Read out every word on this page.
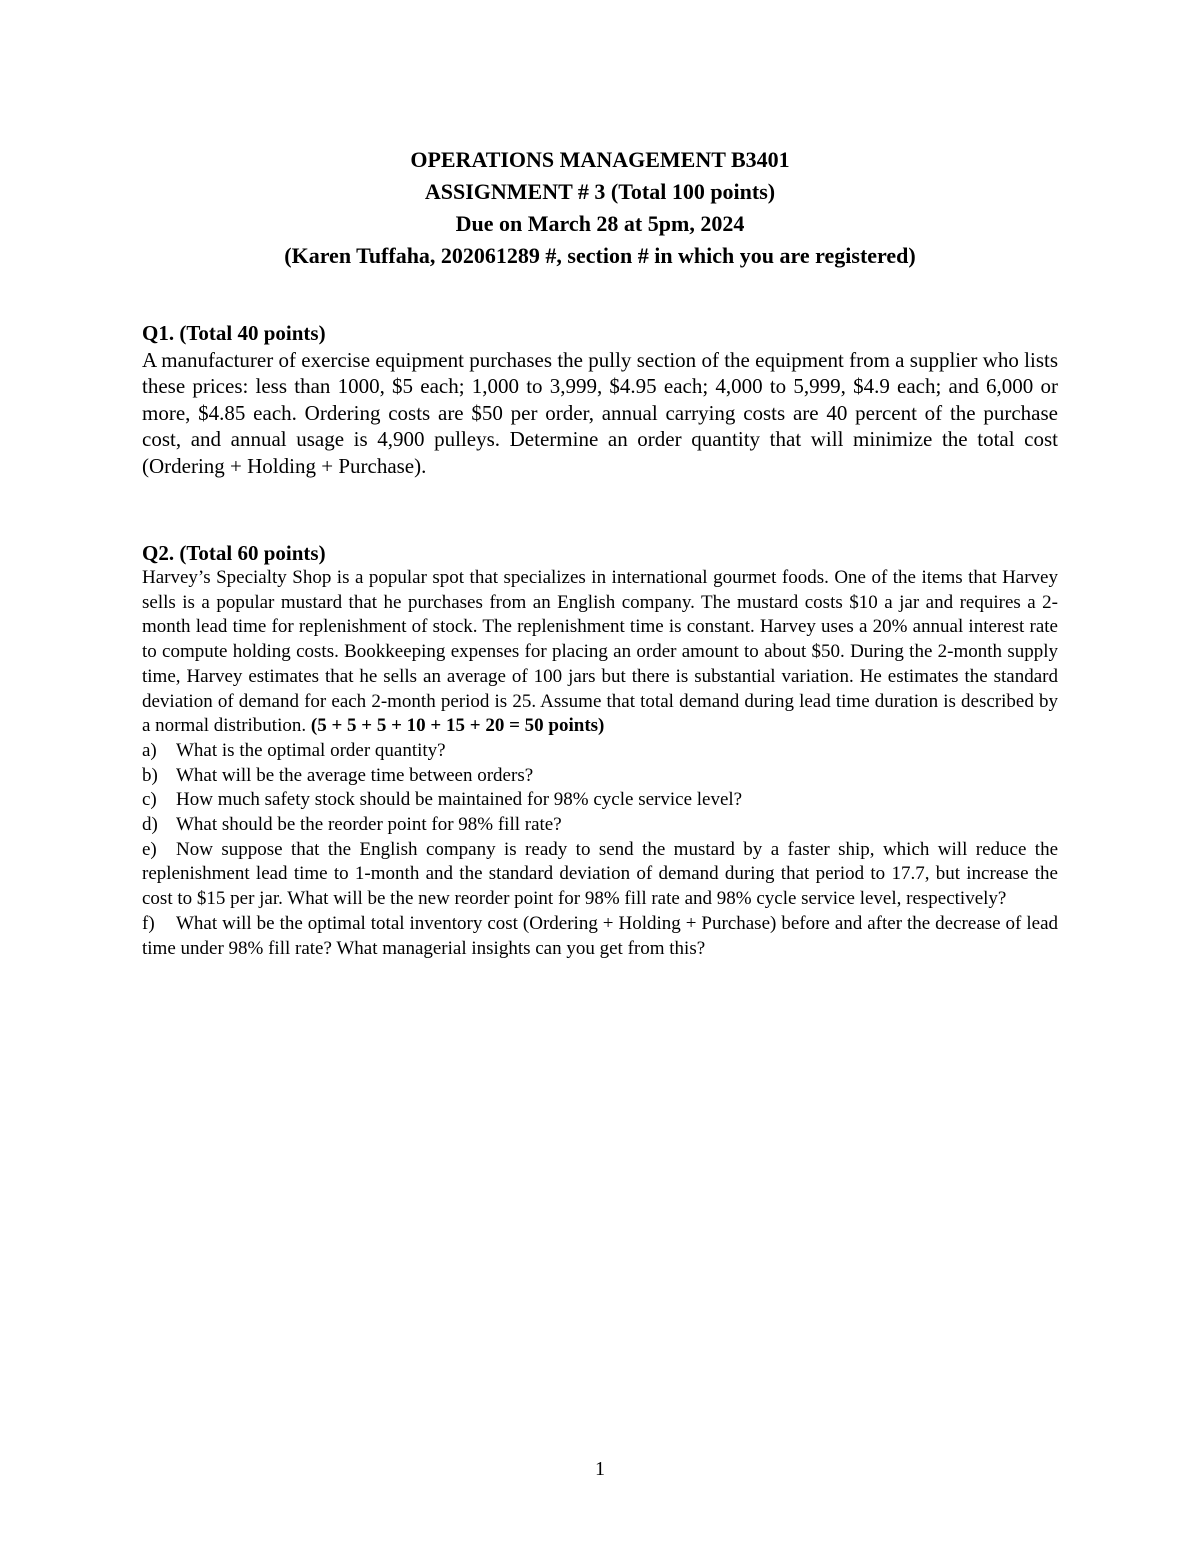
OPERATIONS MANAGEMENT B3401
ASSIGNMENT # 3 (Total 100 points)
Due on March 28 at 5pm, 2024
(Karen Tuffaha, 202061289 #, section # in which you are registered)
Q1. (Total 40 points)
A manufacturer of exercise equipment purchases the pully section of the equipment from a supplier who lists these prices: less than 1000, $5 each; 1,000 to 3,999, $4.95 each; 4,000 to 5,999, $4.9 each; and 6,000 or more, $4.85 each. Ordering costs are $50 per order, annual carrying costs are 40 percent of the purchase cost, and annual usage is 4,900 pulleys. Determine an order quantity that will minimize the total cost (Ordering + Holding + Purchase).
Q2. (Total 60 points)
Harvey’s Specialty Shop is a popular spot that specializes in international gourmet foods. One of the items that Harvey sells is a popular mustard that he purchases from an English company. The mustard costs $10 a jar and requires a 2-month lead time for replenishment of stock. The replenishment time is constant. Harvey uses a 20% annual interest rate to compute holding costs. Bookkeeping expenses for placing an order amount to about $50. During the 2-month supply time, Harvey estimates that he sells an average of 100 jars but there is substantial variation. He estimates the standard deviation of demand for each 2-month period is 25. Assume that total demand during lead time duration is described by a normal distribution. (5 + 5 + 5 + 10 + 15 + 20 = 50 points)
a) What is the optimal order quantity?
b) What will be the average time between orders?
c) How much safety stock should be maintained for 98% cycle service level?
d) What should be the reorder point for 98% fill rate?
e) Now suppose that the English company is ready to send the mustard by a faster ship, which will reduce the replenishment lead time to 1-month and the standard deviation of demand during that period to 17.7, but increase the cost to $15 per jar. What will be the new reorder point for 98% fill rate and 98% cycle service level, respectively?
f) What will be the optimal total inventory cost (Ordering + Holding + Purchase) before and after the decrease of lead time under 98% fill rate? What managerial insights can you get from this?
1
